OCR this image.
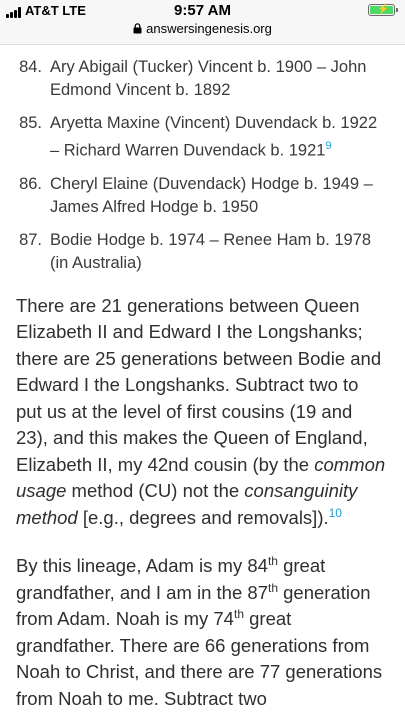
AT&T LTE	9:57 AM
answersingenesis.org
⚡
84. Ary Abigail (Tucker) Vincent b. 1900 – John Edmond Vincent b. 1892
85. Aryetta Maxine (Vincent) Duvendack b. 1922 – Richard Warren Duvendack b. 1921$^9$
86. Cheryl Elaine (Duvendack) Hodge b. 1949 – James Alfred Hodge b. 1950
87. Bodie Hodge b. 1974 – Renee Ham b. 1978 (in Australia)

There are 21 generations between Queen Elizabeth II and Edward I the Longshanks; there are 25 generations between Bodie and Edward I the Longshanks. Subtract two to put us at the level of first cousins (19 and 23), and this makes the Queen of England, Elizabeth II, my 42nd cousin (by the common usage method (CU) not the consanguinity method [e.g., degrees and removals]).$^{10}$

By this lineage, Adam is my 84th great grandfather, and I am in the 87th generation from Adam. Noah is my 74th great grandfather. There are 66 generations from Noah to Christ, and there are 77 generations from Noah to me. Subtract two
